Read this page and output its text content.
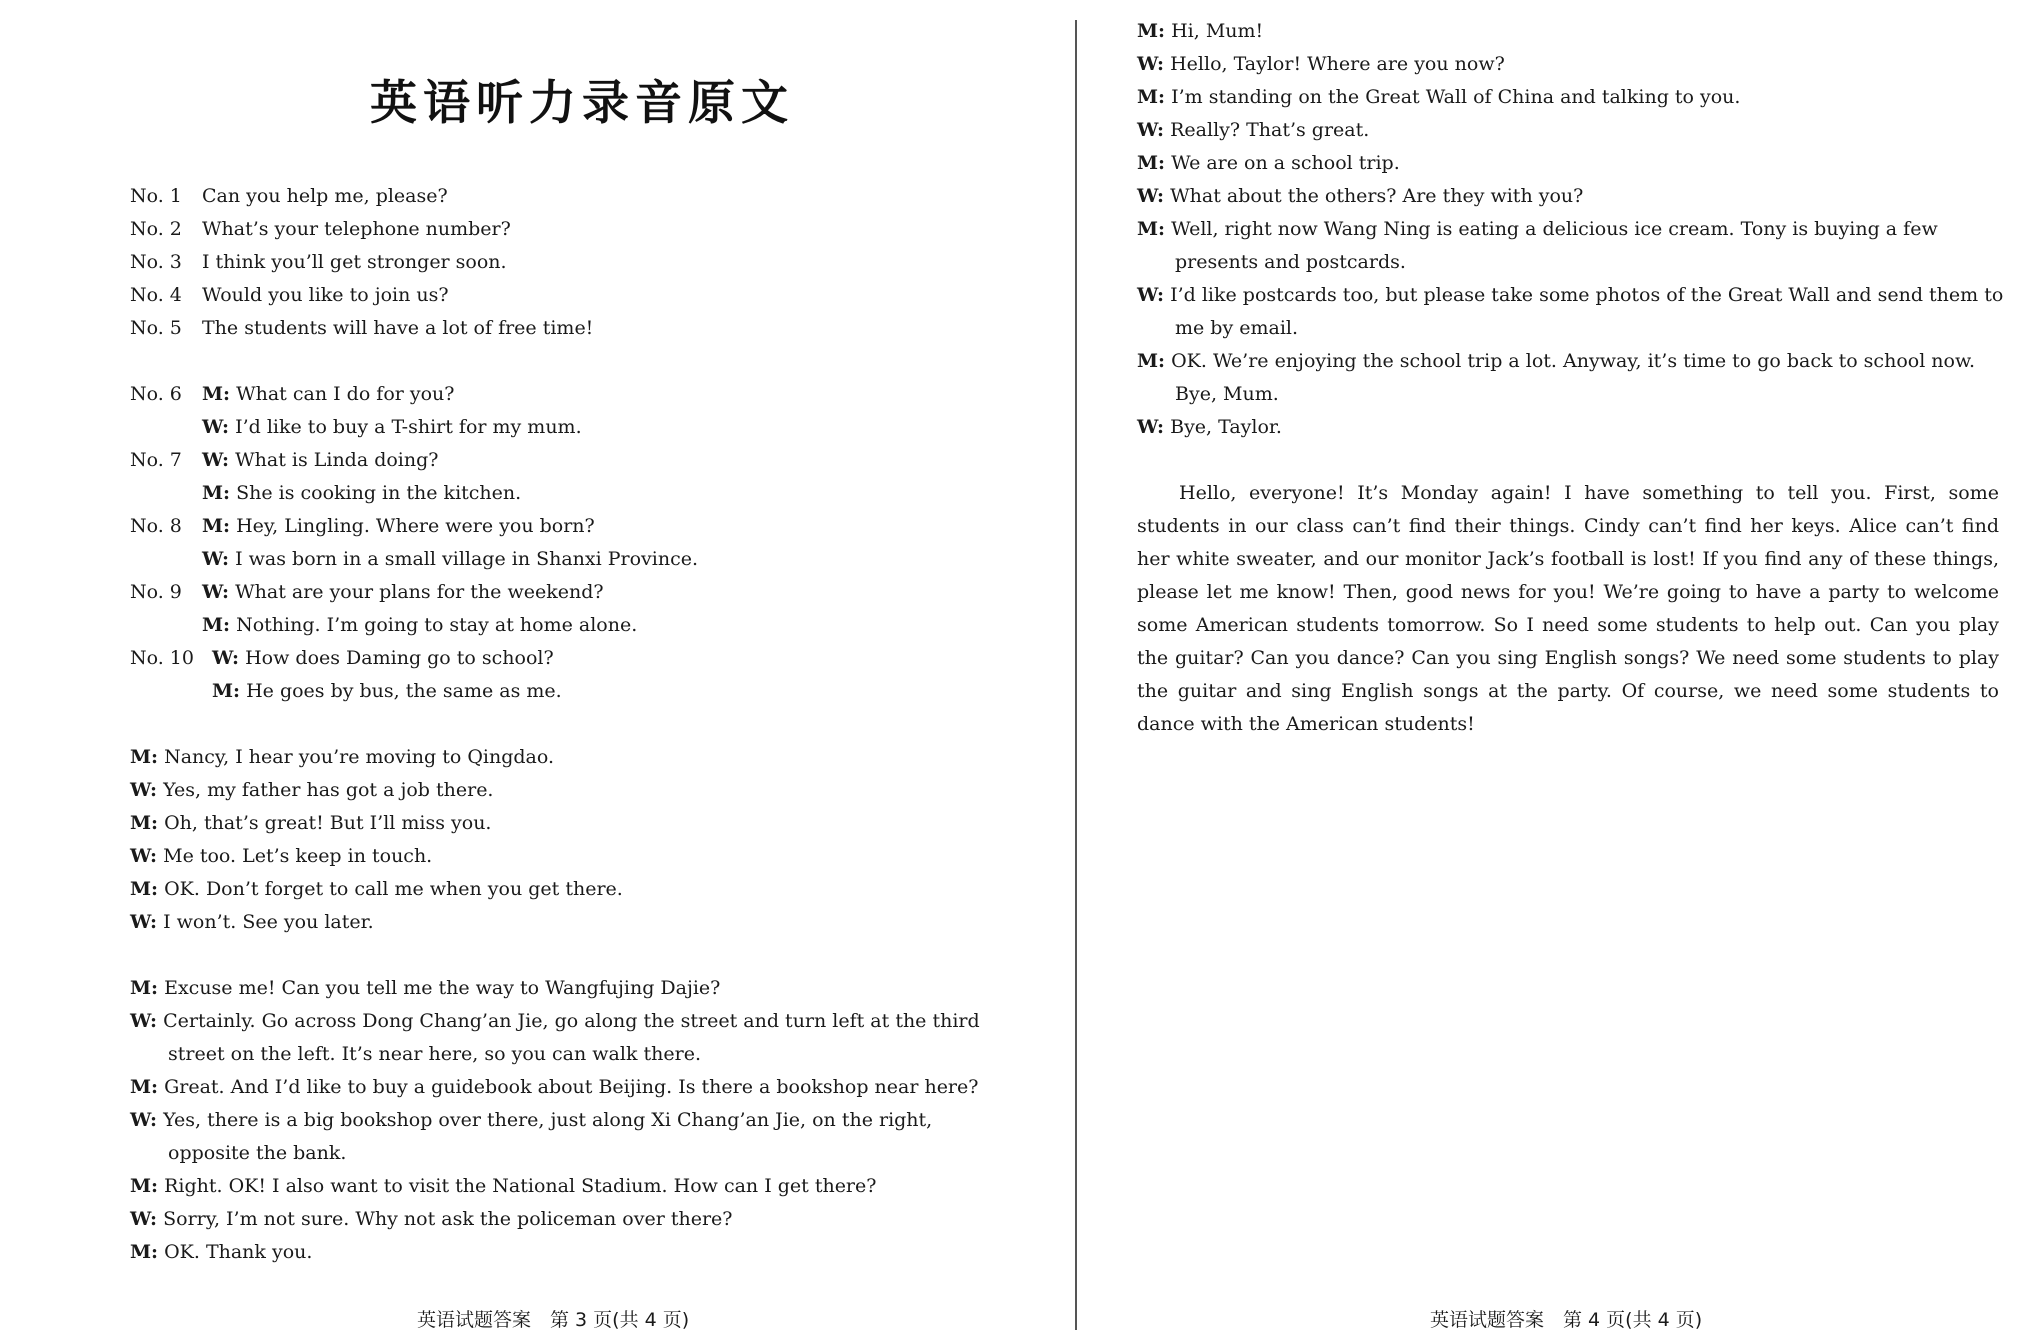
英语听力录音原文
No. 1 Can you help me, please?
No. 2 What’s your telephone number?
No. 3 I think you’ll get stronger soon.
No. 4 Would you like to join us?
No. 5 The students will have a lot of free time!
No. 6 M: What can I do for you?
W: I’d like to buy a T-shirt for my mum.
No. 7 W: What is Linda doing?
M: She is cooking in the kitchen.
No. 8 M: Hey, Lingling. Where were you born?
W: I was born in a small village in Shanxi Province.
No. 9 W: What are your plans for the weekend?
M: Nothing. I’m going to stay at home alone.
No. 10 W: How does Daming go to school?
M: He goes by bus, the same as me.
M: Nancy, I hear you’re moving to Qingdao.
W: Yes, my father has got a job there.
M: Oh, that’s great! But I’ll miss you.
W: Me too. Let’s keep in touch.
M: OK. Don’t forget to call me when you get there.
W: I won’t. See you later.
M: Excuse me! Can you tell me the way to Wangfujing Dajie?
W: Certainly. Go across Dong Chang’an Jie, go along the street and turn left at the third
street on the left. It’s near here, so you can walk there.
M: Great. And I’d like to buy a guidebook about Beijing. Is there a bookshop near here?
W: Yes, there is a big bookshop over there, just along Xi Chang’an Jie, on the right,
opposite the bank.
M: Right. OK! I also want to visit the National Stadium. How can I get there?
W: Sorry, I’m not sure. Why not ask the policeman over there?
M: OK. Thank you.
英语试题答案　第 3 页(共 4 页)
M: Hi, Mum!
W: Hello, Taylor! Where are you now?
M: I’m standing on the Great Wall of China and talking to you.
W: Really? That’s great.
M: We are on a school trip.
W: What about the others? Are they with you?
M: Well, right now Wang Ning is eating a delicious ice cream. Tony is buying a few
presents and postcards.
W: I’d like postcards too, but please take some photos of the Great Wall and send them to
me by email.
M: OK. We’re enjoying the school trip a lot. Anyway, it’s time to go back to school now.
Bye, Mum.
W: Bye, Taylor.
Hello, everyone! It’s Monday again! I have something to tell you. First, some students in our class can’t find their things. Cindy can’t find her keys. Alice can’t find her white sweater, and our monitor Jack’s football is lost! If you find any of these things, please let me know! Then, good news for you! We’re going to have a party to welcome some American students tomorrow. So I need some students to help out. Can you play the guitar? Can you dance? Can you sing English songs? We need some students to play the guitar and sing English songs at the party. Of course, we need some students to dance with the American students!
英语试题答案　第 4 页(共 4 页)
